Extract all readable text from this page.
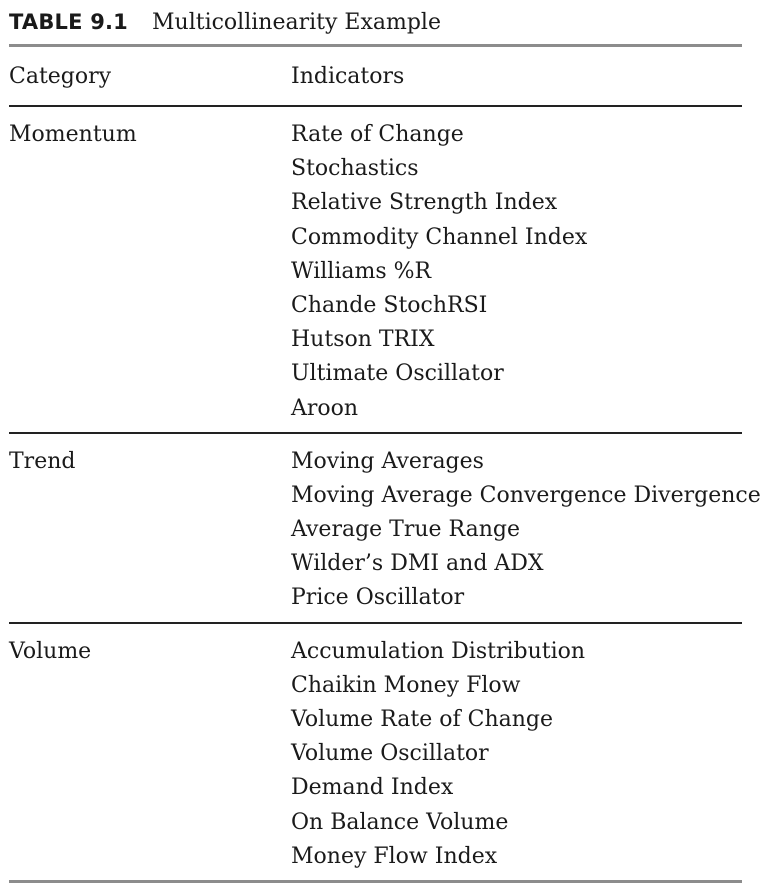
TABLE 9.1 Multicollinearity Example
Category	Indicators
Momentum	Rate of Change
Stochastics
Relative Strength Index
Commodity Channel Index
Williams %R
Chande StochRSI
Hutson TRIX
Ultimate Oscillator
Aroon
Trend	Moving Averages
Moving Average Convergence Divergence
Average True Range
Wilder’s DMI and ADX
Price Oscillator
Volume	Accumulation Distribution
Chaikin Money Flow
Volume Rate of Change
Volume Oscillator
Demand Index
On Balance Volume
Money Flow Index
